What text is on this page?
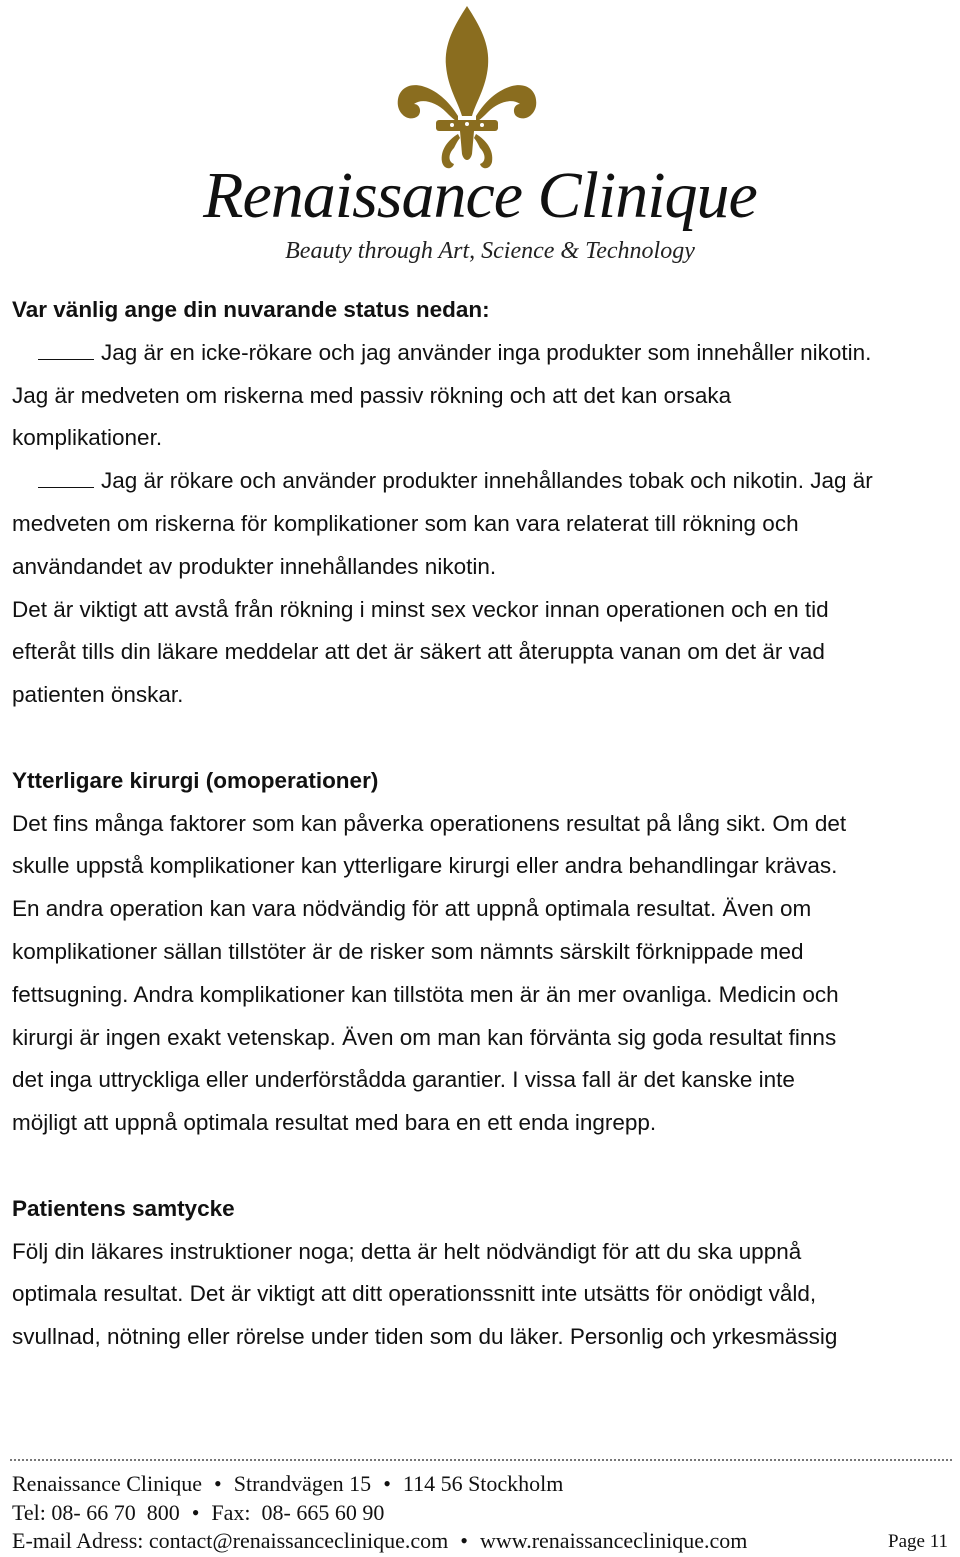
Renaissance Clinique
Beauty through Art, Science & Technology
Var vänlig ange din nuvarande status nedan:
Jag är en icke-rökare och jag använder inga produkter som innehåller nikotin.
Jag är medveten om riskerna med passiv rökning och att det kan orsaka
komplikationer.
Jag är rökare och använder produkter innehållandes tobak och nikotin. Jag är
medveten om riskerna för komplikationer som kan vara relaterat till rökning och
användandet av produkter innehållandes nikotin.
Det är viktigt att avstå från rökning i minst sex veckor innan operationen och en tid
efteråt tills din läkare meddelar att det är säkert att återuppta vanan om det är vad
patienten önskar.
Ytterligare kirurgi (omoperationer)
Det fins många faktorer som kan påverka operationens resultat på lång sikt. Om det
skulle uppstå komplikationer kan ytterligare kirurgi eller andra behandlingar krävas.
En andra operation kan vara nödvändig för att uppnå optimala resultat. Även om
komplikationer sällan tillstöter är de risker som nämnts särskilt förknippade med
fettsugning. Andra komplikationer kan tillstöta men är än mer ovanliga. Medicin och
kirurgi är ingen exakt vetenskap. Även om man kan förvänta sig goda resultat finns
det inga uttryckliga eller underförstådda garantier. I vissa fall är det kanske inte
möjligt att uppnå optimala resultat med bara en ett enda ingrepp.
Patientens samtycke
Följ din läkares instruktioner noga; detta är helt nödvändigt för att du ska uppnå
optimala resultat. Det är viktigt att ditt operationssnitt inte utsätts för onödigt våld,
svullnad, nötning eller rörelse under tiden som du läker. Personlig och yrkesmässig
Renaissance Clinique • Strandvägen 15 • 114 56 Stockholm
Tel: 08- 66 70  800 • Fax:  08- 665 60 90
E-mail Adress: contact@renaissanceclinique.com • www.renaissanceclinique.com	Page 11
